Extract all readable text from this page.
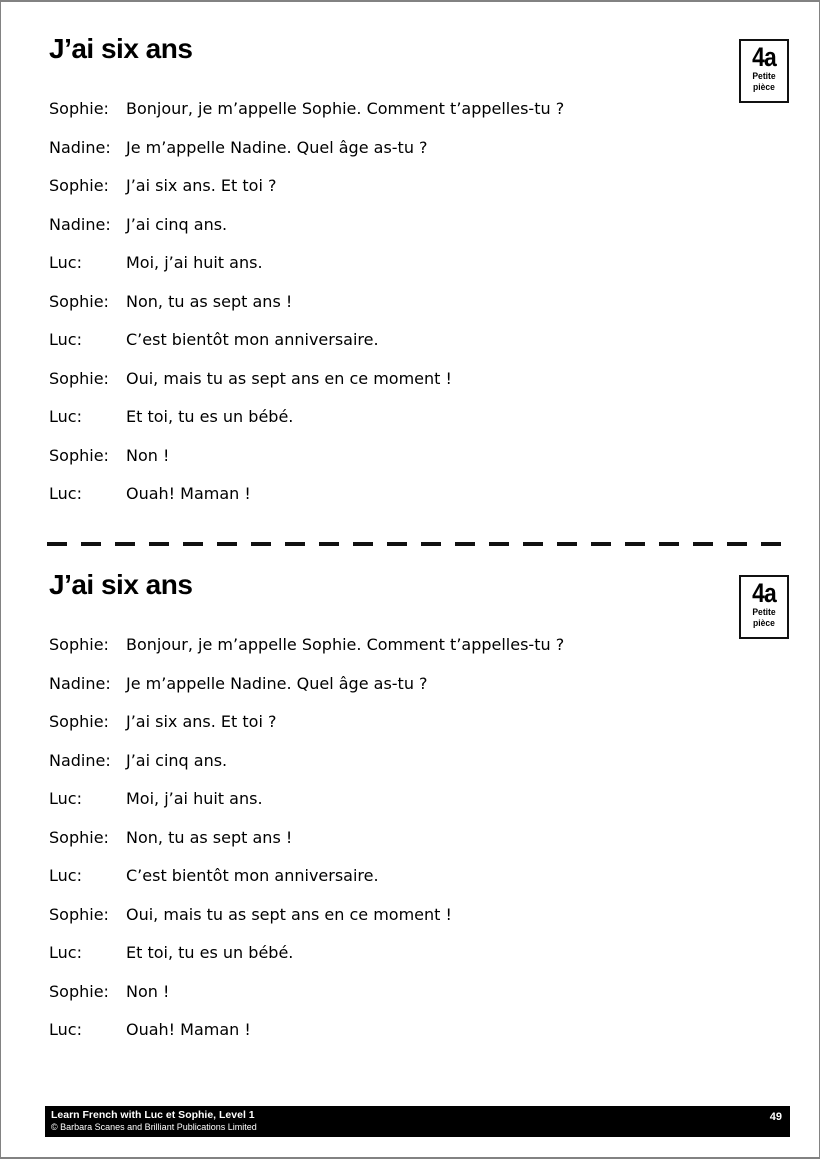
J’ai six ans	4a
Petite
pièce
Sophie:	Bonjour, je m’appelle Sophie. Comment t’appelles-tu ?
Nadine: Je m’appelle Nadine. Quel âge as-tu ?
Sophie:	J’ai six ans. Et toi ?
Nadine: J’ai cinq ans.
Luc:	Moi, j’ai huit ans.
Sophie:	Non, tu as sept ans !
Luc:	C’est bientôt mon anniversaire.
Sophie:	Oui, mais tu as sept ans en ce moment !
Luc:	Et toi, tu es un bébé.
Sophie:	Non !
Luc:	Ouah! Maman !
J’ai six ans	4a
Petite
pièce
Sophie:	Bonjour, je m’appelle Sophie. Comment t’appelles-tu ?
Nadine: Je m’appelle Nadine. Quel âge as-tu ?
Sophie:	J’ai six ans. Et toi ?
Nadine: J’ai cinq ans.
Luc:	Moi, j’ai huit ans.
Sophie:	Non, tu as sept ans !
Luc:	C’est bientôt mon anniversaire.
Sophie:	Oui, mais tu as sept ans en ce moment !
Luc:	Et toi, tu es un bébé.
Sophie:	Non !
Luc:	Ouah! Maman !
Learn French with Luc et Sophie, Level 1
© Barbara Scanes and Brilliant Publications Limited
49
